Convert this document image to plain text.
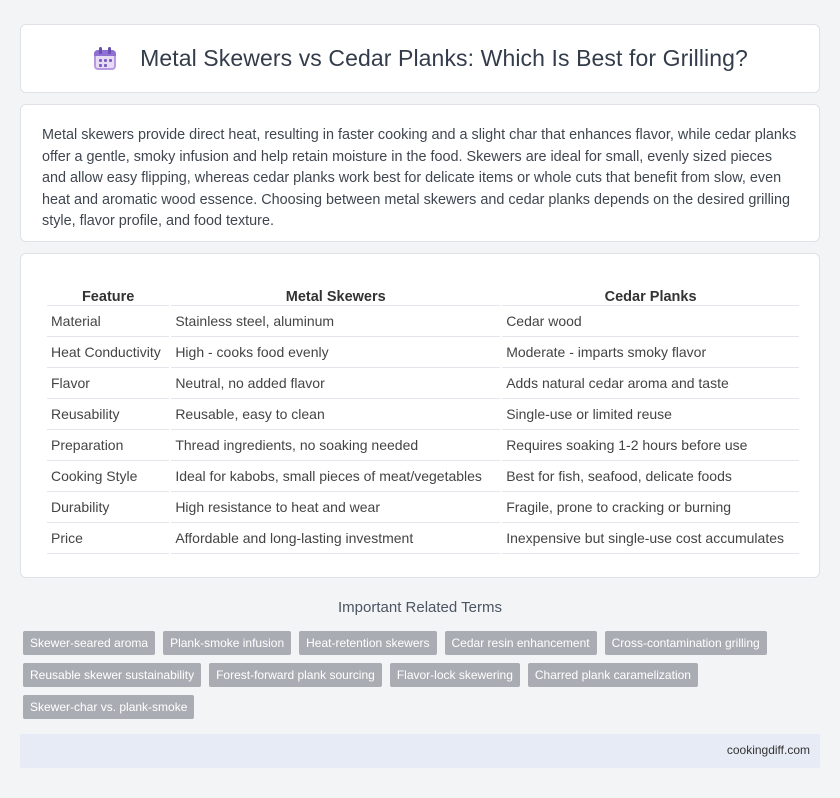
Metal Skewers vs Cedar Planks: Which Is Best for Grilling?

Metal skewers provide direct heat, resulting in faster cooking and a slight char that enhances flavor, while cedar planks offer a gentle, smoky infusion and help retain moisture in the food. Skewers are ideal for small, evenly sized pieces and allow easy flipping, whereas cedar planks work best for delicate items or whole cuts that benefit from slow, even heat and aromatic wood essence. Choosing between metal skewers and cedar planks depends on the desired grilling style, flavor profile, and food texture.

Feature	Metal Skewers	Cedar Planks
Material	Stainless steel, aluminum	Cedar wood
Heat Conductivity	High - cooks food evenly	Moderate - imparts smoky flavor
Flavor	Neutral, no added flavor	Adds natural cedar aroma and taste
Reusability	Reusable, easy to clean	Single-use or limited reuse
Preparation	Thread ingredients, no soaking needed	Requires soaking 1-2 hours before use
Cooking Style	Ideal for kabobs, small pieces of meat/vegetables	Best for fish, seafood, delicate foods
Durability	High resistance to heat and wear	Fragile, prone to cracking or burning
Price	Affordable and long-lasting investment	Inexpensive but single-use cost accumulates
Important Related Terms
Skewer-seared aroma	Plank-smoke infusion	Heat-retention skewers	Cedar resin enhancement	Cross-contamination grilling
Reusable skewer sustainability	Forest-forward plank sourcing	Flavor-lock skewering	Charred plank caramelization
Skewer-char vs. plank-smoke
cookingdiff.com
